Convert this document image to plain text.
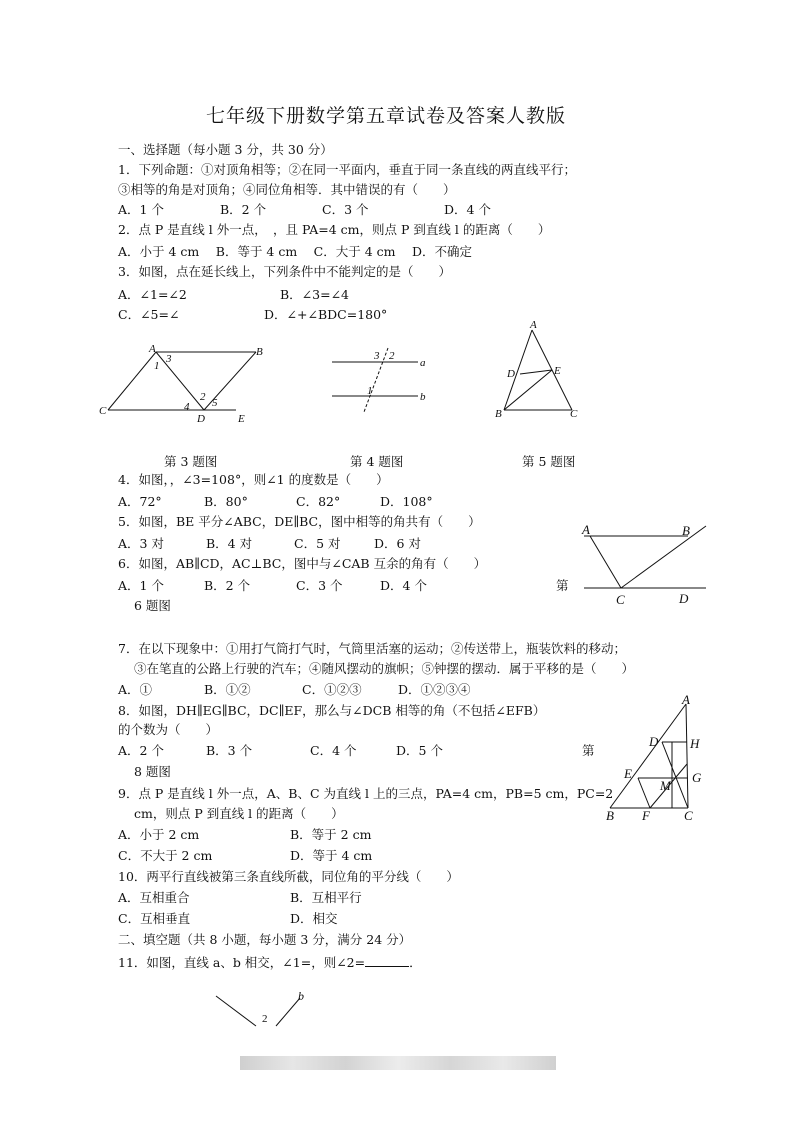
七年级下册数学第五章试卷及答案人教版
一、选择题（每小题 3 分，共 30 分）
1．下列命题：①对顶角相等；②在同一平面内，垂直于同一条直线的两直线平行；
③相等的角是对顶角；④同位角相等．其中错误的有（　　）
A．1 个	B．2 个	C．3 个	D．4 个
2．点 P 是直线 l 外一点，　，且 PA=4 cm，则点 P 到直线 l 的距离（　　）
A．小于 4 cm　 B．等于 4 cm　 C．大于 4 cm　 D．不确定
3．如图，点在延长线上，下列条件中不能判定的是（　　）
A．∠1=∠2	B．∠3=∠4
C．∠5=∠	D．∠+∠BDC=180°
A	B
C
D	E
1
2
3
4 5
a
b
1
2
3
A
B	C
D	E
第 3 题图	第 4 题图	第 5 题图
4．如图，，∠3=108°，则∠1 的度数是（　　）
A．72°	B．80°	C．82°	D．108°
5．如图，BE 平分∠ABC，DE∥BC，图中相等的角共有（　　）
A．3 对	B．4 对	C．5 对	D．6 对
6．如图，AB∥CD，AC⊥BC，图中与∠CAB 互余的角有（　　）
A．1 个	B．2 个	C．3 个	D．4 个	第
6 题图
A	B
C	D
7．在以下现象中：①用打气筒打气时，气筒里活塞的运动；②传送带上，瓶装饮料的移动；
③在笔直的公路上行驶的汽车；④随风摆动的旗帜；⑤钟摆的摆动．属于平移的是（　　）
A．①	B．①②	C．①②③	D．①②③④
8．如图，DH∥EG∥BC，DC∥EF，那么与∠DCB 相等的角（不包括∠EFB）
的个数为（　　）
A．2 个	B．3 个	C．4 个	D．5 个	第
8 题图
A
B	C
D
E
F
G
H
M
9．点 P 是直线 l 外一点，A、B、C 为直线 l 上的三点，PA=4 cm，PB=5 cm，PC=2
cm，则点 P 到直线 l 的距离（　　）
A．小于 2 cm	B．等于 2 cm
C．不大于 2 cm	D．等于 4 cm
10．两平行直线被第三条直线所截，同位角的平分线（　　）
A．互相重合	B．互相平行
C．互相垂直	D．相交
二、填空题（共 8 小题，每小题 3 分，满分 24 分）
11．如图，直线 a、b 相交，∠1=，则∠2=	．
b
2
